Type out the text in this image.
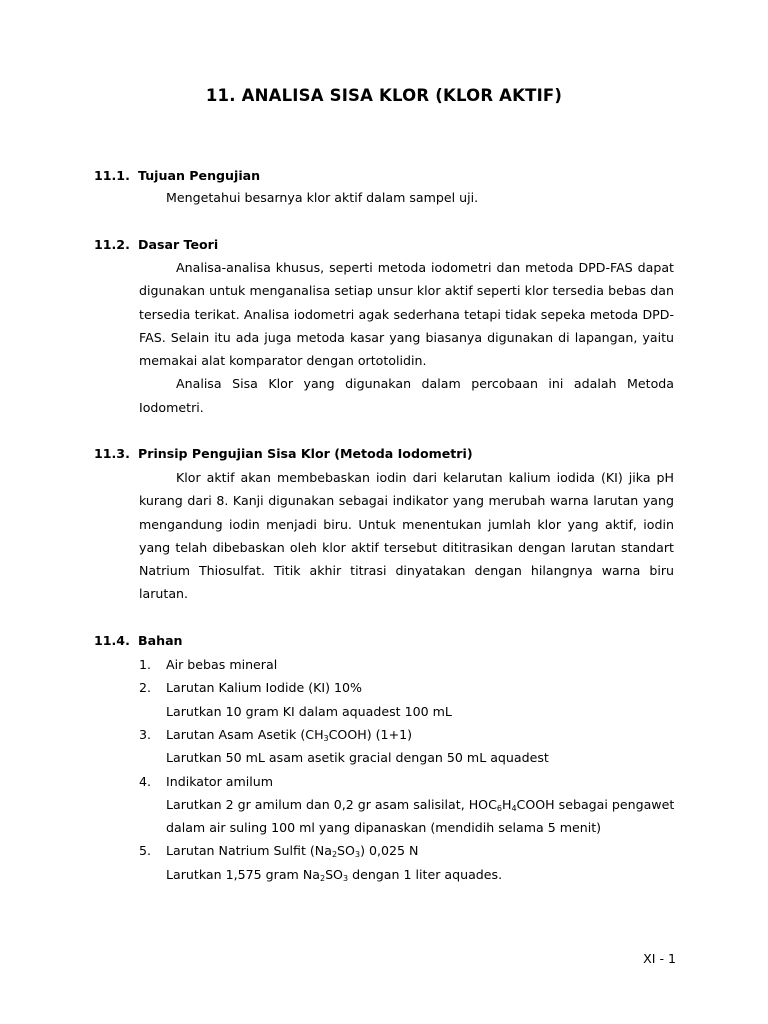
11. ANALISA SISA KLOR (KLOR AKTIF)
11.1. Tujuan Pengujian
Mengetahui besarnya klor aktif dalam sampel uji.
11.2. Dasar Teori

Analisa-analisa khusus, seperti metoda iodometri dan metoda DPD-FAS dapat digunakan untuk menganalisa setiap unsur klor aktif seperti klor tersedia bebas dan tersedia terikat. Analisa iodometri agak sederhana tetapi tidak sepeka metoda DPD-FAS. Selain itu ada juga metoda kasar yang biasanya digunakan di lapangan, yaitu memakai alat komparator dengan ortotolidin.

Analisa Sisa Klor yang digunakan dalam percobaan ini adalah Metoda Iodometri.

11.3. Prinsip Pengujian Sisa Klor (Metoda Iodometri)

Klor aktif akan membebaskan iodin dari kelarutan kalium iodida (KI) jika pH kurang dari 8. Kanji digunakan sebagai indikator yang merubah warna larutan yang mengandung iodin menjadi biru. Untuk menentukan jumlah klor yang aktif, iodin yang telah dibebaskan oleh klor aktif tersebut dititrasikan dengan larutan standart Natrium Thiosulfat. Titik akhir titrasi dinyatakan dengan hilangnya warna biru larutan.

11.4. Bahan
1. Air bebas mineral
2. Larutan Kalium Iodide (KI) 10%
Larutkan 10 gram KI dalam aquadest 100 mL
3. Larutan Asam Asetik $(CH_3COOH)$ (1+1)
Larutkan 50 mL asam asetik gracial dengan 50 mL aquadest
4. Indikator amilum
Larutkan 2 gr amilum dan 0,2 gr asam salisilat, $HOC_6H_4COOH$ sebagai pengawet
dalam air suling 100 ml yang dipanaskan (mendidih selama 5 menit)
5. Larutan Natrium Sulfit $(Na_2SO_3)$ 0,025 N
Larutkan 1,575 gram $Na_2SO_3$ dengan 1 liter aquades.
XI - 1
